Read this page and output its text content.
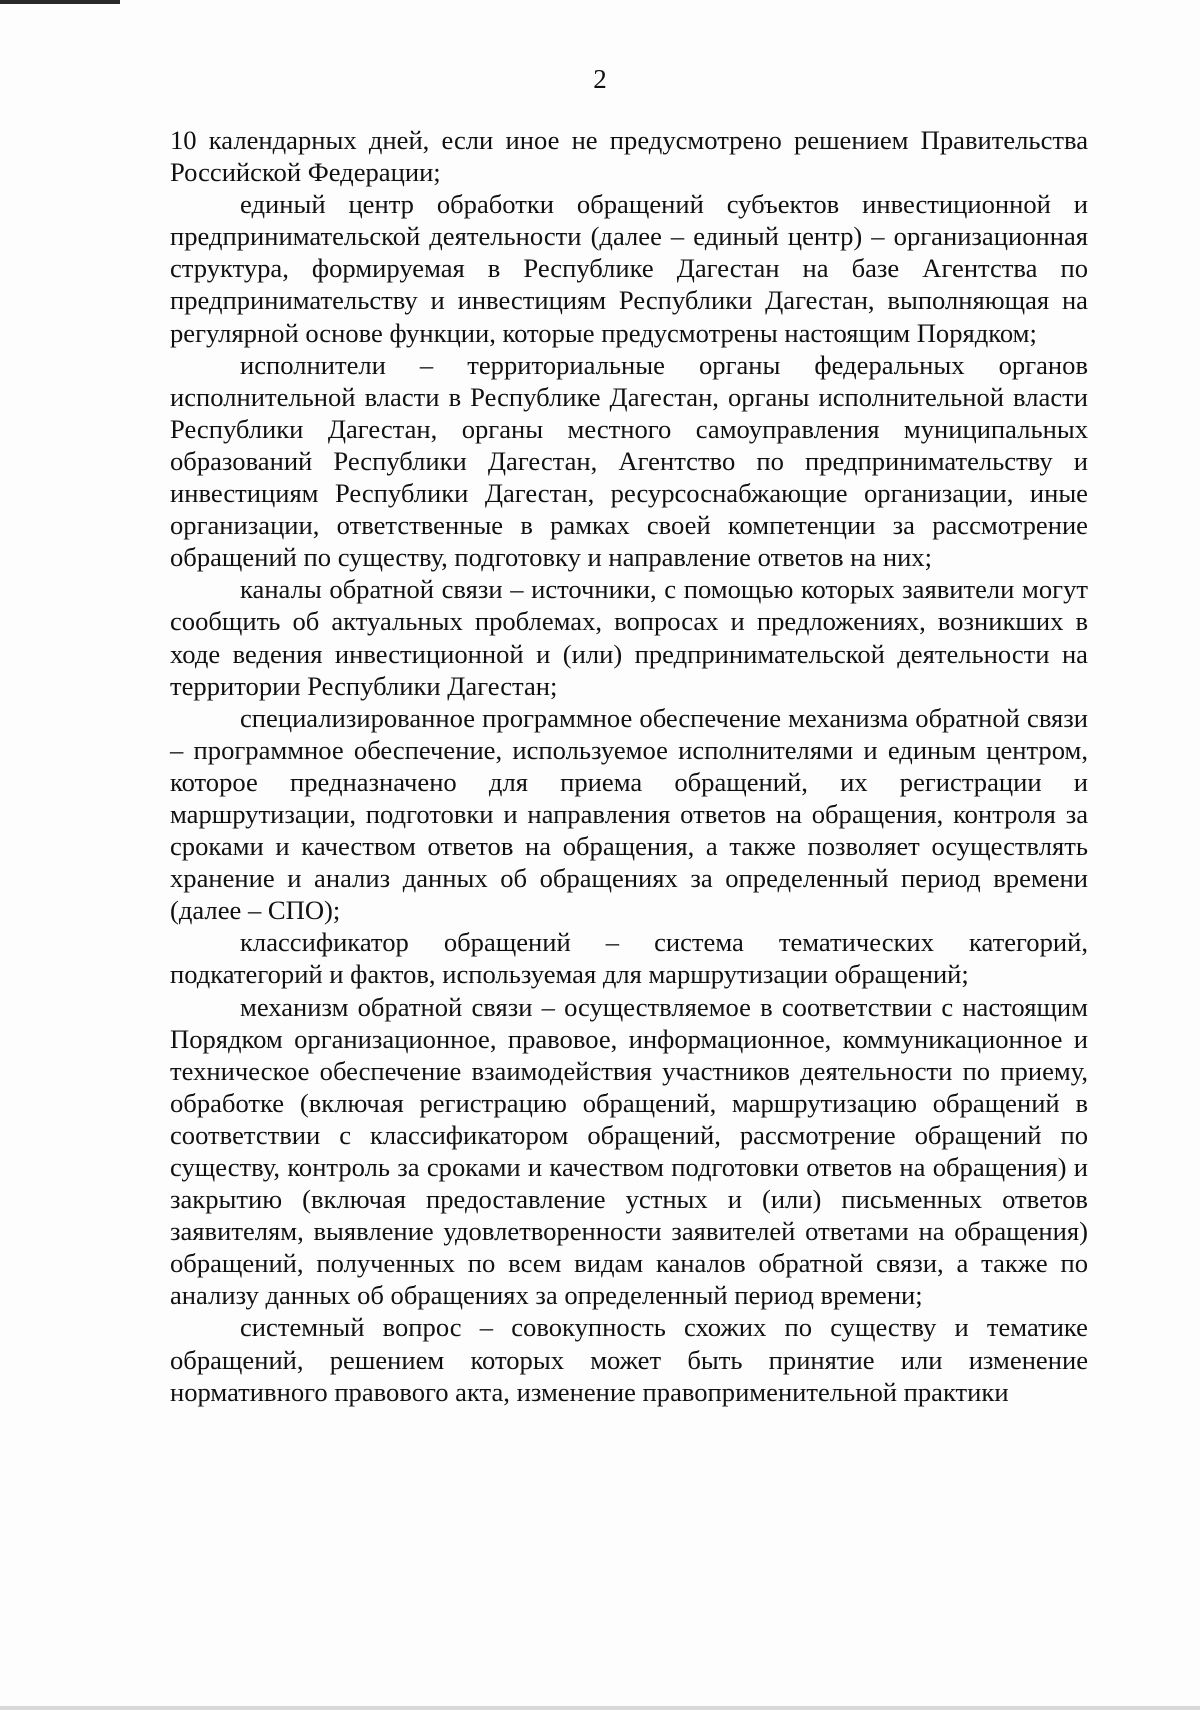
2

10 календарных дней, если иное не предусмотрено решением Правительства Российской Федерации;

единый центр обработки обращений субъектов инвестиционной и предпринимательской деятельности (далее – единый центр) – организационная структура, формируемая в Республике Дагестан на базе Агентства по предпринимательству и инвестициям Республики Дагестан, выполняющая на регулярной основе функции, которые предусмотрены настоящим Порядком;

исполнители – территориальные органы федеральных органов исполнительной власти в Республике Дагестан, органы исполнительной власти Республики Дагестан, органы местного самоуправления муниципальных образований Республики Дагестан, Агентство по предпринимательству и инвестициям Республики Дагестан, ресурсоснабжающие организации, иные организации, ответственные в рамках своей компетенции за рассмотрение обращений по существу, подготовку и направление ответов на них;

каналы обратной связи – источники, с помощью которых заявители могут сообщить об актуальных проблемах, вопросах и предложениях, возникших в ходе ведения инвестиционной и (или) предпринимательской деятельности на территории Республики Дагестан;

специализированное программное обеспечение механизма обратной связи – программное обеспечение, используемое исполнителями и единым центром, которое предназначено для приема обращений, их регистрации и маршрутизации, подготовки и направления ответов на обращения, контроля за сроками и качеством ответов на обращения, а также позволяет осуществлять хранение и анализ данных об обращениях за определенный период времени (далее – СПО);

классификатор обращений – система тематических категорий, подкатегорий и фактов, используемая для маршрутизации обращений;

механизм обратной связи – осуществляемое в соответствии с настоящим Порядком организационное, правовое, информационное, коммуникационное и техническое обеспечение взаимодействия участников деятельности по приему, обработке (включая регистрацию обращений, маршрутизацию обращений в соответствии с классификатором обращений, рассмотрение обращений по существу, контроль за сроками и качеством подготовки ответов на обращения) и закрытию (включая предоставление устных и (или) письменных ответов заявителям, выявление удовлетворенности заявителей ответами на обращения) обращений, полученных по всем видам каналов обратной связи, а также по анализу данных об обращениях за определенный период времени;

системный вопрос – совокупность схожих по существу и тематике обращений, решением которых может быть принятие или изменение нормативного правового акта, изменение правоприменительной практики
